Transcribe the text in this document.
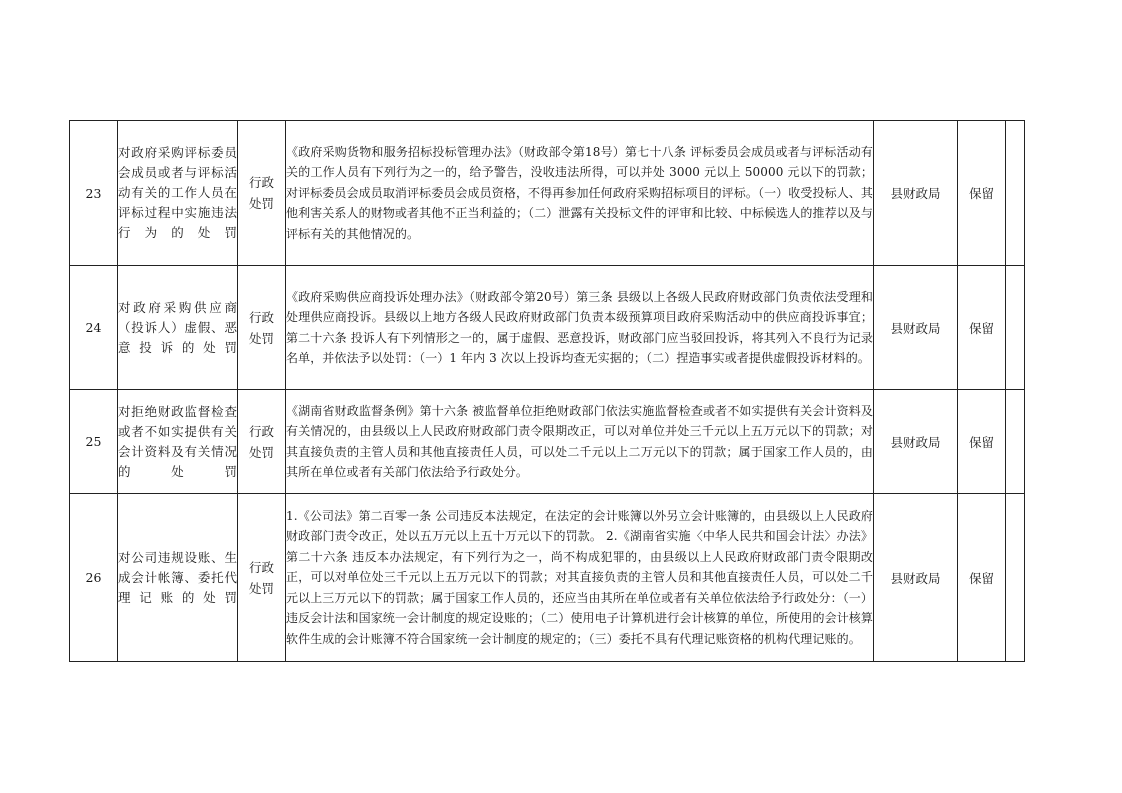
23	对政府采购评标委员会成员或者与评标活动有关的工作人员在评标过程中实施违法行为的处罚	行政
处罚	《政府采购货物和服务招标投标管理办法》（财政部令第18号）第七十八条 评标委员会成员或者与评标活动有关的工作人员有下列行为之一的，给予警告，没收违法所得，可以并处 3000 元以上 50000 元以下的罚款；对评标委员会成员取消评标委员会成员资格，不得再参加任何政府采购招标项目的评标。（一）收受投标人、其他利害关系人的财物或者其他不正当利益的；（二）泄露有关投标文件的评审和比较、中标候选人的推荐以及与评标有关的其他情况的。	县财政局	保留	
24	对政府采购供应商（投诉人）虚假、恶意投诉的处罚	行政
处罚	《政府采购供应商投诉处理办法》（财政部令第20号）第三条 县级以上各级人民政府财政部门负责依法受理和处理供应商投诉。县级以上地方各级人民政府财政部门负责本级预算项目政府采购活动中的供应商投诉事宜；第二十六条 投诉人有下列情形之一的，属于虚假、恶意投诉，财政部门应当驳回投诉，将其列入不良行为记录名单，并依法予以处罚：（一）1 年内 3 次以上投诉均查无实据的；（二）捏造事实或者提供虚假投诉材料的。	县财政局	保留	
25	对拒绝财政监督检查或者不如实提供有关会计资料及有关情况的处罚	行政
处罚	《湖南省财政监督条例》第十六条 被监督单位拒绝财政部门依法实施监督检查或者不如实提供有关会计资料及有关情况的，由县级以上人民政府财政部门责令限期改正，可以对单位并处三千元以上五万元以下的罚款；对其直接负责的主管人员和其他直接责任人员，可以处二千元以上二万元以下的罚款；属于国家工作人员的，由其所在单位或者有关部门依法给予行政处分。	县财政局	保留	
26	对公司违规设账、生成会计帐簿、委托代理记账的处罚	行政
处罚	1.《公司法》第二百零一条 公司违反本法规定，在法定的会计账簿以外另立会计账簿的，由县级以上人民政府财政部门责令改正，处以五万元以上五十万元以下的罚款。 2.《湖南省实施〈中华人民共和国会计法〉办法》第二十六条 违反本办法规定，有下列行为之一，尚不构成犯罪的，由县级以上人民政府财政部门责令限期改正，可以对单位处三千元以上五万元以下的罚款；对其直接负责的主管人员和其他直接责任人员，可以处二千元以上三万元以下的罚款；属于国家工作人员的，还应当由其所在单位或者有关单位依法给予行政处分：（一）违反会计法和国家统一会计制度的规定设账的；（二）使用电子计算机进行会计核算的单位，所使用的会计核算软件生成的会计账簿不符合国家统一会计制度的规定的；（三）委托不具有代理记账资格的机构代理记账的。	县财政局	保留	
